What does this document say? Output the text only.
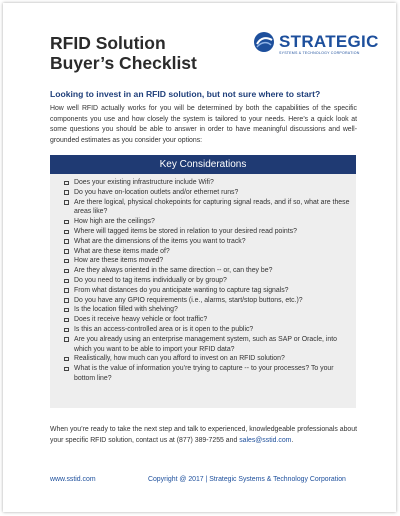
RFID Solution
Buyer’s Checklist
STRATEGIC
SYSTEMS & TECHNOLOGY CORPORATION
Looking to invest in an RFID solution, but not sure where to start?
How well RFID actually works for you will be determined by both the capabilities of the specific components you use and how closely the system is tailored to your needs. Here’s a quick look at some questions you should be able to answer in order to have meaningful discussions and well-grounded estimates as you consider your options:
Key Considerations
Does your existing infrastructure include Wifi?
Do you have on-location outlets and/or ethernet runs?
Are there logical, physical chokepoints for capturing signal reads, and if so, what are these areas like?
How high are the ceilings?
Where will tagged items be stored in relation to your desired read points?
What are the dimensions of the items you want to track?
What are these items made of?
How are these items moved?
Are they always oriented in the same direction -- or, can they be?
Do you need to tag items individually or by group?
From what distances do you anticipate wanting to capture tag signals?
Do you have any GPIO requirements (i.e., alarms, start/stop buttons, etc.)?
Is the location filled with shelving?
Does it receive heavy vehicle or foot traffic?
Is this an access-controlled area or is it open to the public?
Are you already using an enterprise management system, such as SAP or Oracle, into which you want to be able to import your RFID data?
Realistically, how much can you afford to invest on an RFID solution?
What is the value of information you’re trying to capture -- to your processes? To your bottom line?
When you’re ready to take the next step and talk to experienced, knowledgeable professionals about your specific RFID solution, contact us at (877) 389-7255 and sales@sstid.com.
www.sstid.com	Copyright @ 2017 | Strategic Systems & Technology Corporation
